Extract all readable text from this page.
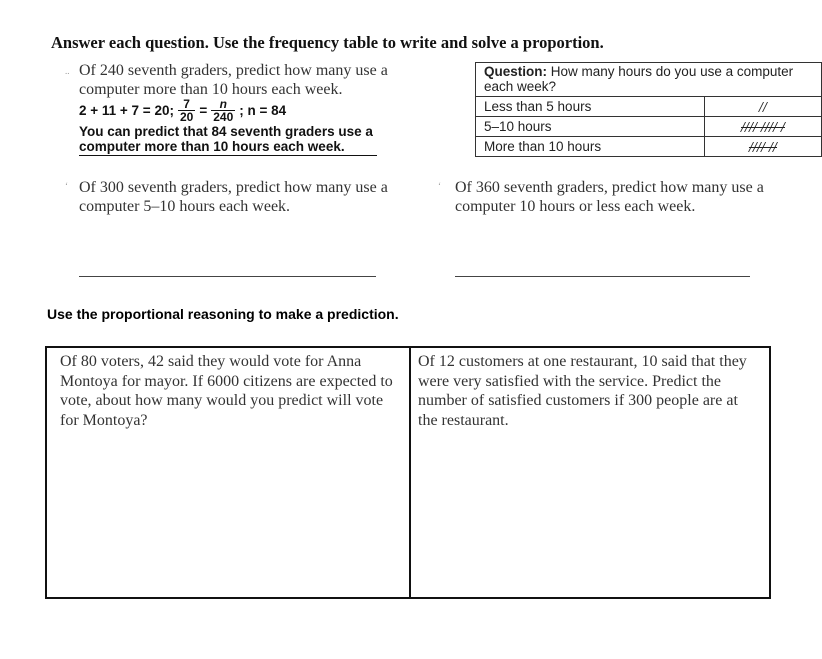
Answer each question. Use the frequency table to write and solve a proportion.
.. Of 240 seventh graders, predict how many use a computer more than 10 hours each week.
2 + 11 + 7 = 20; $\frac{7}{20} = \frac{n}{240}$ ; n = 84
You can predict that 84 seventh graders use a computer more than 10 hours each week.
Question: How many hours do you use a computer each week?	
Less than 5 hours	//
5–10 hours	//// //// /
More than 10 hours	//// //
‘ Of 300 seventh graders, predict how many use a computer 5–10 hours each week.
‘ Of 360 seventh graders, predict how many use a computer 10 hours or less each week.
Use the proportional reasoning to make a prediction.
Of 80 voters, 42 said they would vote for Anna Montoya for mayor. If 6000 citizens are expected to vote, about how many would you predict will vote for Montoya?
Of 12 customers at one restaurant, 10 said that they were very satisfied with the service. Predict the number of satisfied customers if 300 people are at the restaurant.
